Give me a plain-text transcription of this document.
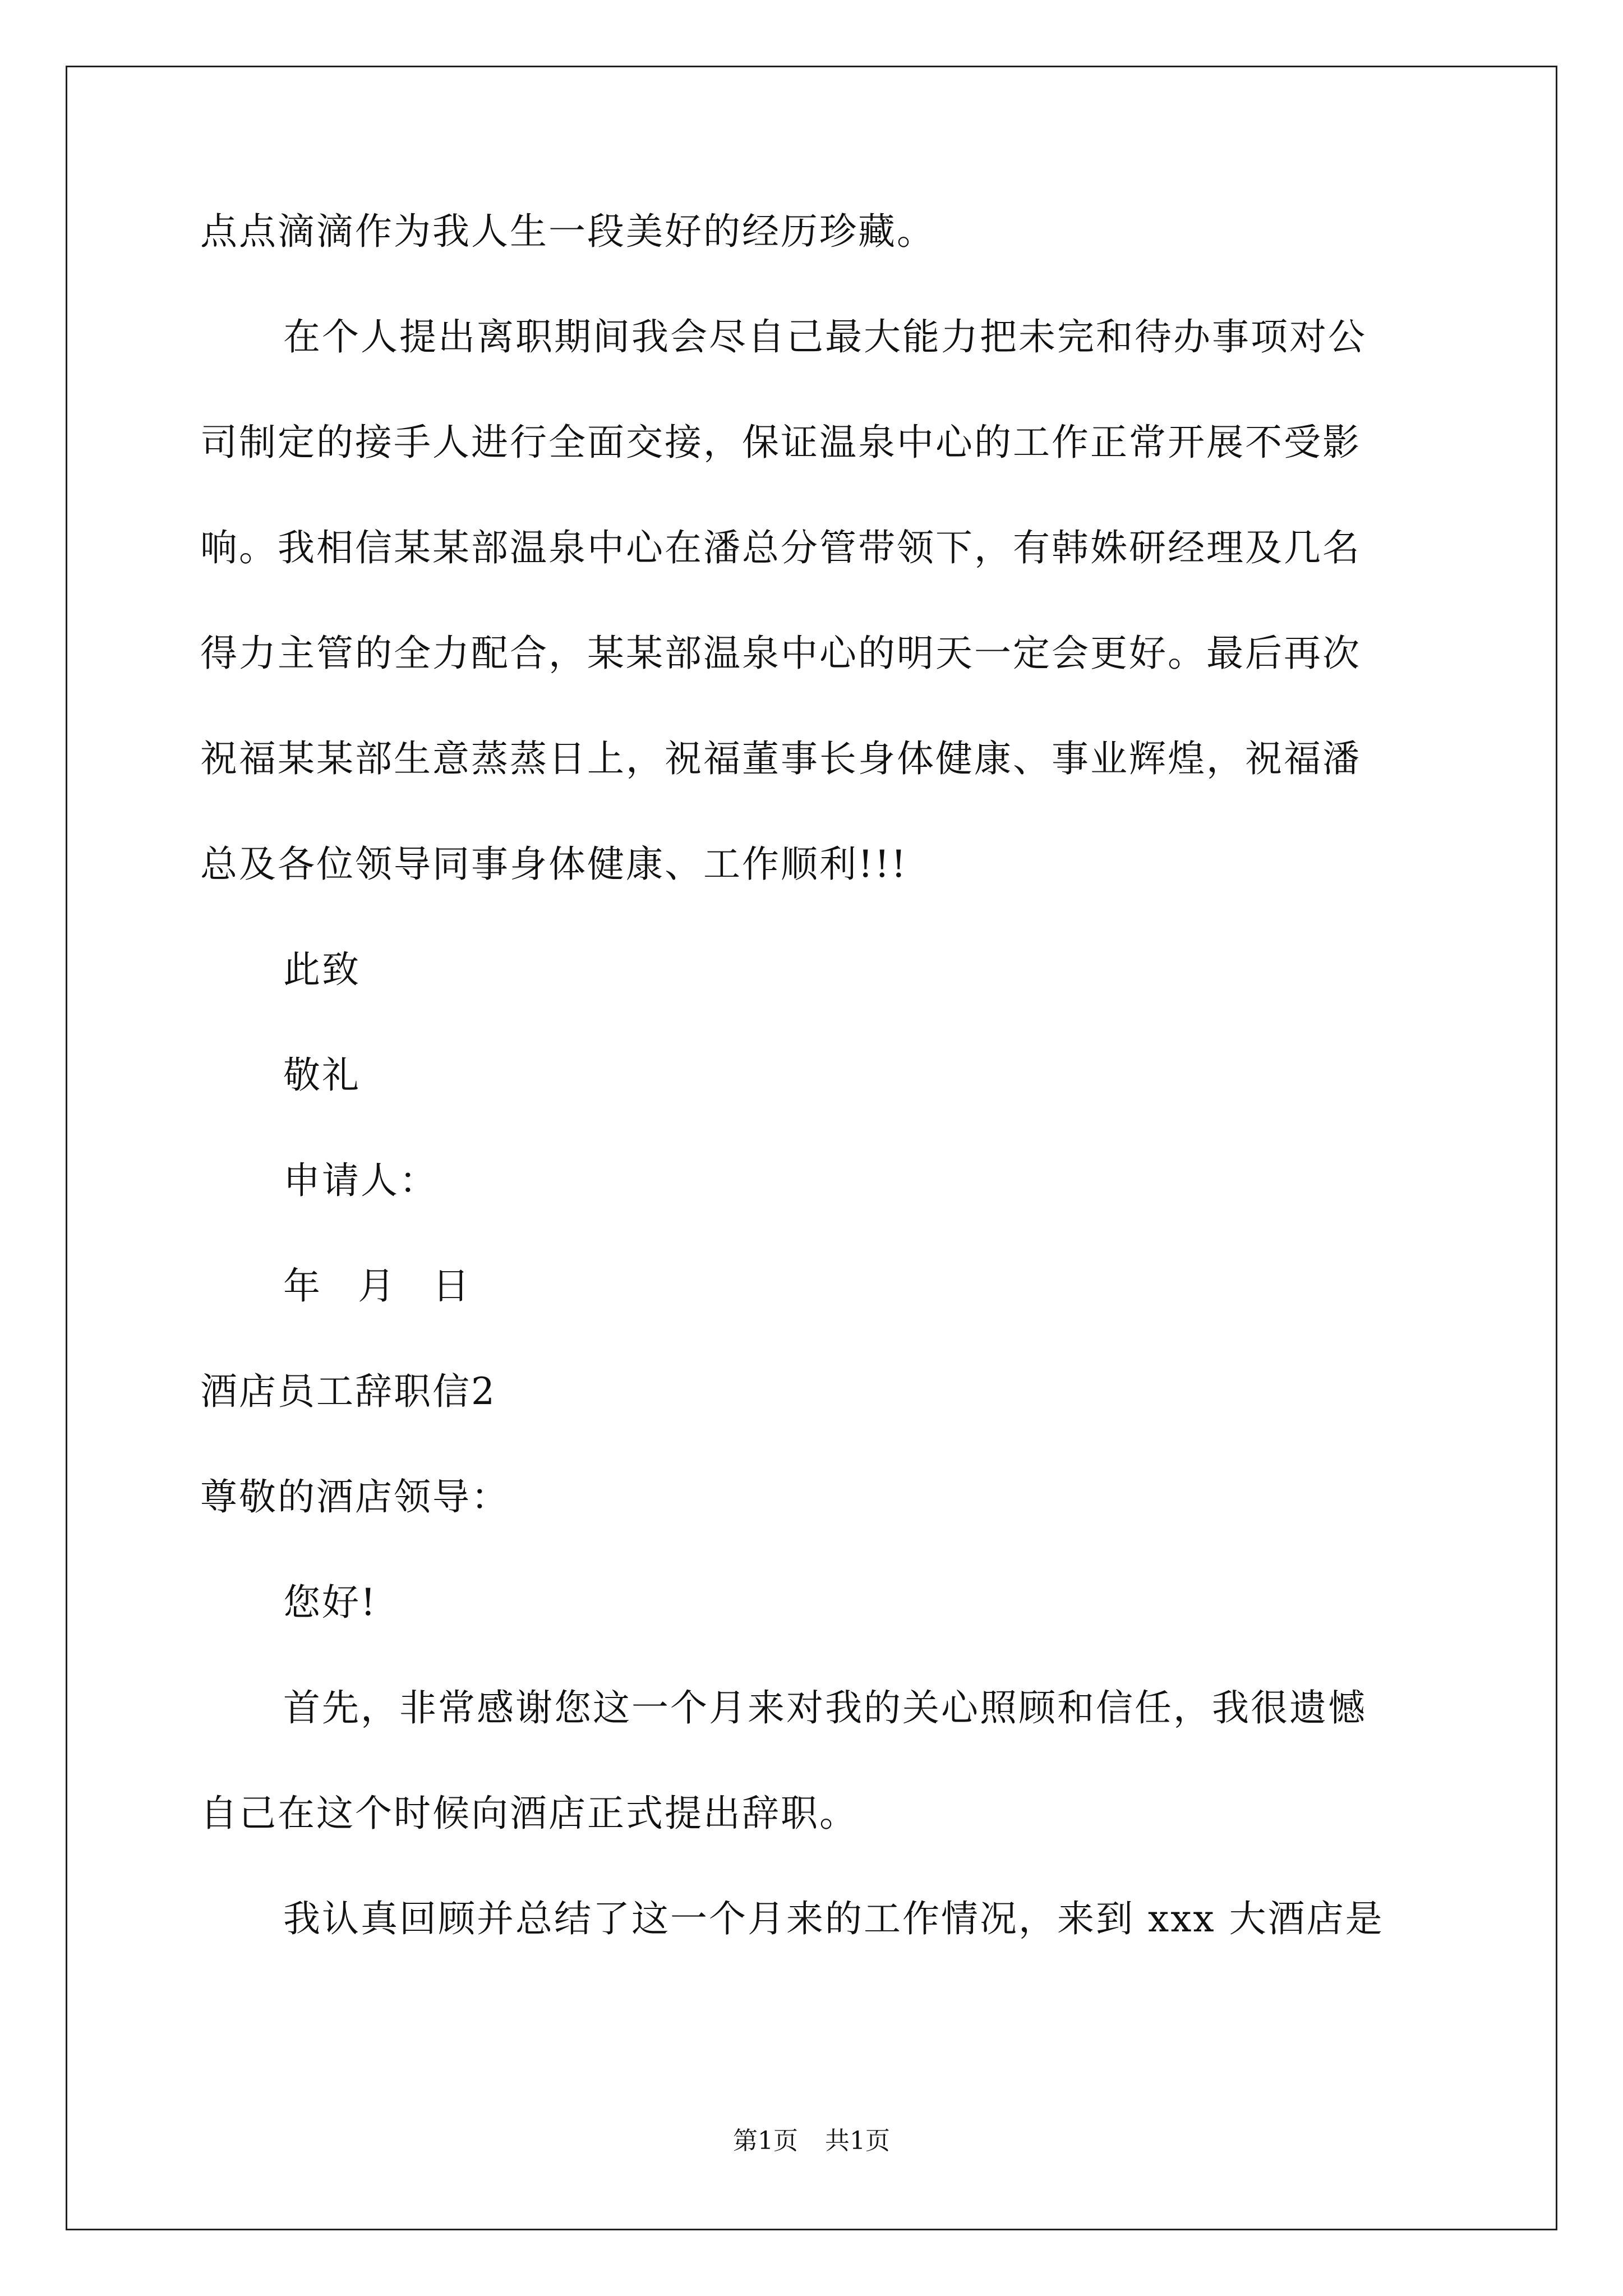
点点滴滴作为我人生一段美好的经历珍藏。
在个人提出离职期间我会尽自己最大能力把未完和待办事项对公
司制定的接手人进行全面交接，保证温泉中心的工作正常开展不受影
响。我相信某某部温泉中心在潘总分管带领下，有韩姝研经理及几名
得力主管的全力配合，某某部温泉中心的明天一定会更好。最后再次
祝福某某部生意蒸蒸日上，祝福董事长身体健康、事业辉煌，祝福潘
总及各位领导同事身体健康、工作顺利!!!
此致
敬礼
申请人：
年 月 日
酒店员工辞职信2
尊敬的酒店领导：
您好!
首先，非常感谢您这一个月来对我的关心照顾和信任，我很遗憾
自己在这个时候向酒店正式提出辞职。
我认真回顾并总结了这一个月来的工作情况，来到 xxx 大酒店是
第1页 共1页
